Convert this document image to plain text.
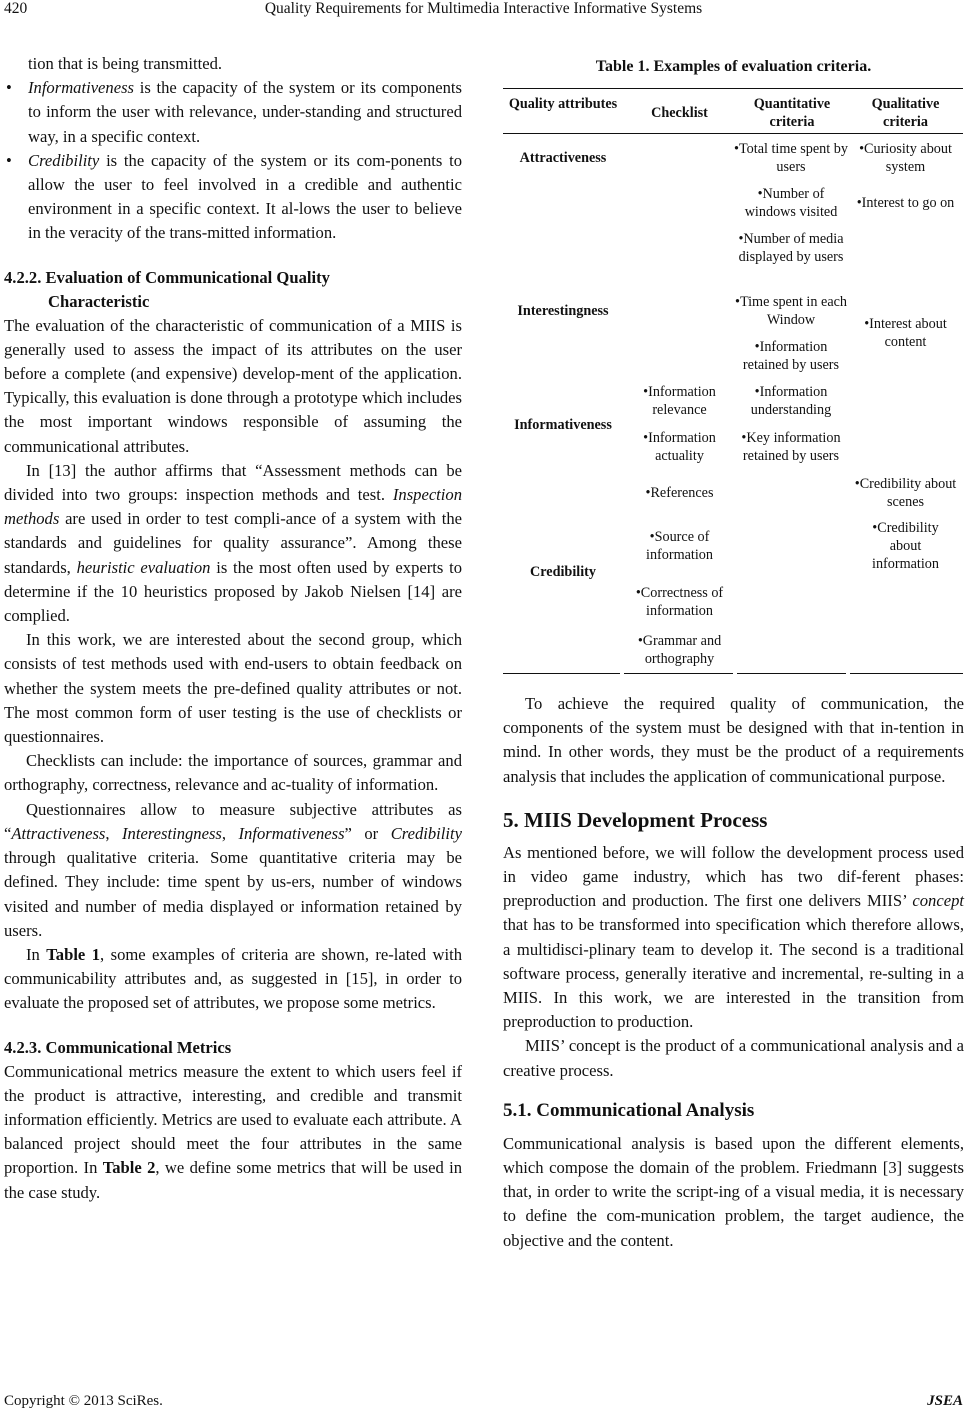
420	Quality Requirements for Multimedia Interactive Informative Systems

tion that is being transmitted.

• Informativeness is the capacity of the system or its components to inform the user with relevance, under-standing and structured way, in a specific context.
• Credibility is the capacity of the system or its com-ponents to allow the user to feel involved in a credible and authentic environment in a specific context. It al-lows the user to believe in the veracity of the trans-mitted information.
4.2.2. Evaluation of Communicational Quality
Characteristic

The evaluation of the characteristic of communication of a MIIS is generally used to assess the impact of its attributes on the user before a complete (and expensive) develop-ment of the application. Typically, this evaluation is done through a prototype which includes the most important windows responsible of assuming the communicational attributes.

In [13] the author affirms that “Assessment methods can be divided into two groups: inspection methods and test. Inspection methods are used in order to test compli-ance of a system with the standards and guidelines for quality assurance”. Among these standards, heuristic evaluation is the most often used by experts to determine if the 10 heuristics proposed by Jakob Nielsen [14] are complied.

In this work, we are interested about the second group, which consists of test methods used with end-users to obtain feedback on whether the system meets the pre-defined quality attributes or not. The most common form of user testing is the use of checklists or questionnaires.

Checklists can include: the importance of sources, grammar and orthography, correctness, relevance and ac-tuality of information.

Questionnaires allow to measure subjective attributes as “Attractiveness, Interestingness, Informativeness” or Credibility through qualitative criteria. Some quantitative criteria may be defined. They include: time spent by us-ers, number of windows visited and number of media displayed or information retained by users.

In Table 1, some examples of criteria are shown, re-lated with communicability attributes and, as suggested in [15], in order to evaluate the proposed set of attributes, we propose some metrics.

4.2.3. Communicational Metrics

Communicational metrics measure the extent to which users feel if the product is attractive, interesting, and credible and transmit information efficiently. Metrics are used to evaluate each attribute. A balanced project should meet the four attributes in the same proportion. In Table 2, we define some metrics that will be used in the case study.

Table 1. Examples of evaluation criteria.
Quality attributes
Checklist
Quantitative criteria
Qualitative criteria
Attractiveness
Interestingness
Informativeness
Credibility
•Information relevance
•Information actuality
•References
•Source of information
•Correctness of information
•Grammar and orthography
•Total time spent by users
•Number of windows visited
•Number of media displayed by users
•Time spent in each Window
•Information retained by users
•Information understanding
•Key information retained by users
•Curiosity about system
•Interest to go on
•Interest about content
•Credibility about scenes
•Credibility about information

To achieve the required quality of communication, the components of the system must be designed with that in-tention in mind. In other words, they must be the product of a requirements analysis that includes the application of communicational purpose.

5. MIIS Development Process

As mentioned before, we will follow the development process used in video game industry, which has two dif-ferent phases: preproduction and production. The first one delivers MIIS’ concept that has to be transformed into specification which therefore allows, a multidisci-plinary team to develop it. The second is a traditional software process, generally iterative and incremental, re-sulting in a MIIS. In this work, we are interested in the transition from preproduction to production.

MIIS’ concept is the product of a communicational analysis and a creative process.

5.1. Communicational Analysis

Communicational analysis is based upon the different elements, which compose the domain of the problem. Friedmann [3] suggests that, in order to write the script-ing of a visual media, it is necessary to define the com-munication problem, the target audience, the objective and the content.

Copyright © 2013 SciRes.	JSEA
